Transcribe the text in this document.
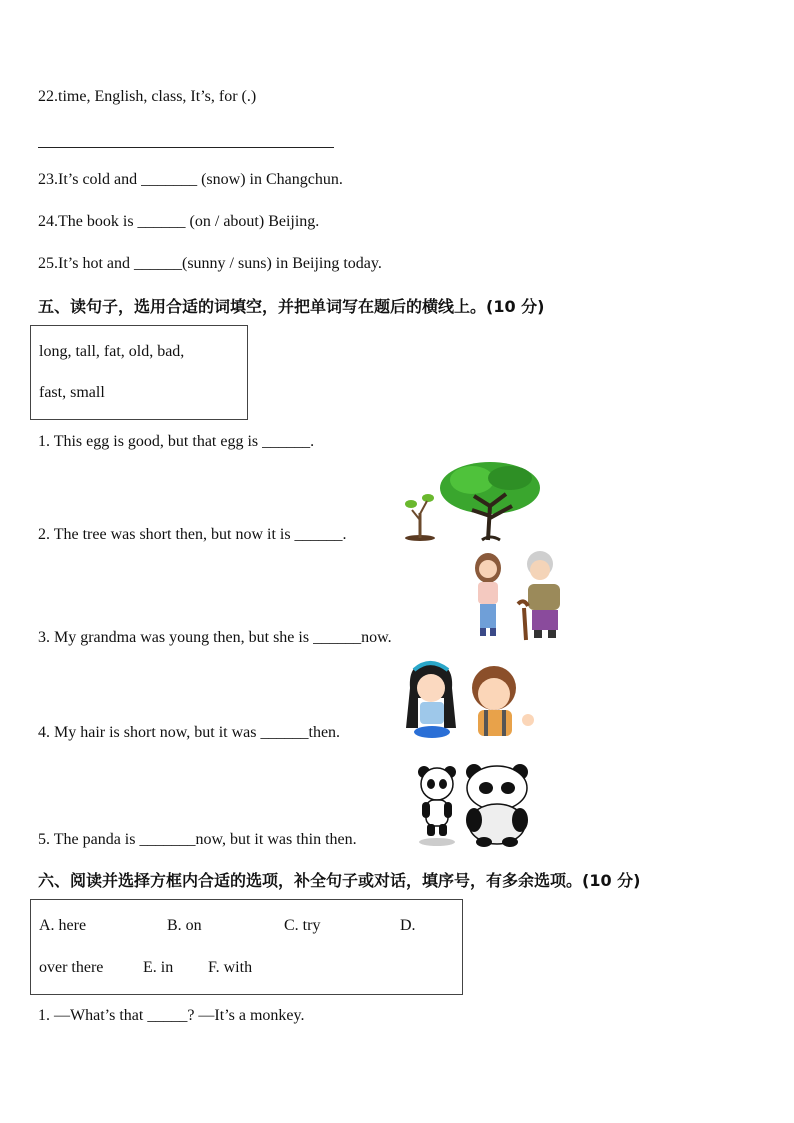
22.time, English, class, It’s, for (.)
23.It’s cold and _______ (snow) in Changchun.
24.The book is ______ (on / about) Beijing.
25.It’s hot and ______(sunny / suns) in Beijing today.
五、读句子，选用合适的词填空，并把单词写在题后的横线上。(10 分)
long, tall, fat, old, bad,
fast, small
1. This egg is good, but that egg is ______.
2. The tree was short then, but now it is ______.
3. My grandma was young then, but she is ______now.
4. My hair is short now, but it was ______then.
5. The panda is _______now, but it was thin then.
六、阅读并选择方框内合适的选项，补全句子或对话，填序号，有多余选项。(10 分)
A. here	B. on	C. try	D.
over there E. in F. with
1. —What’s that _____? —It’s a monkey.
